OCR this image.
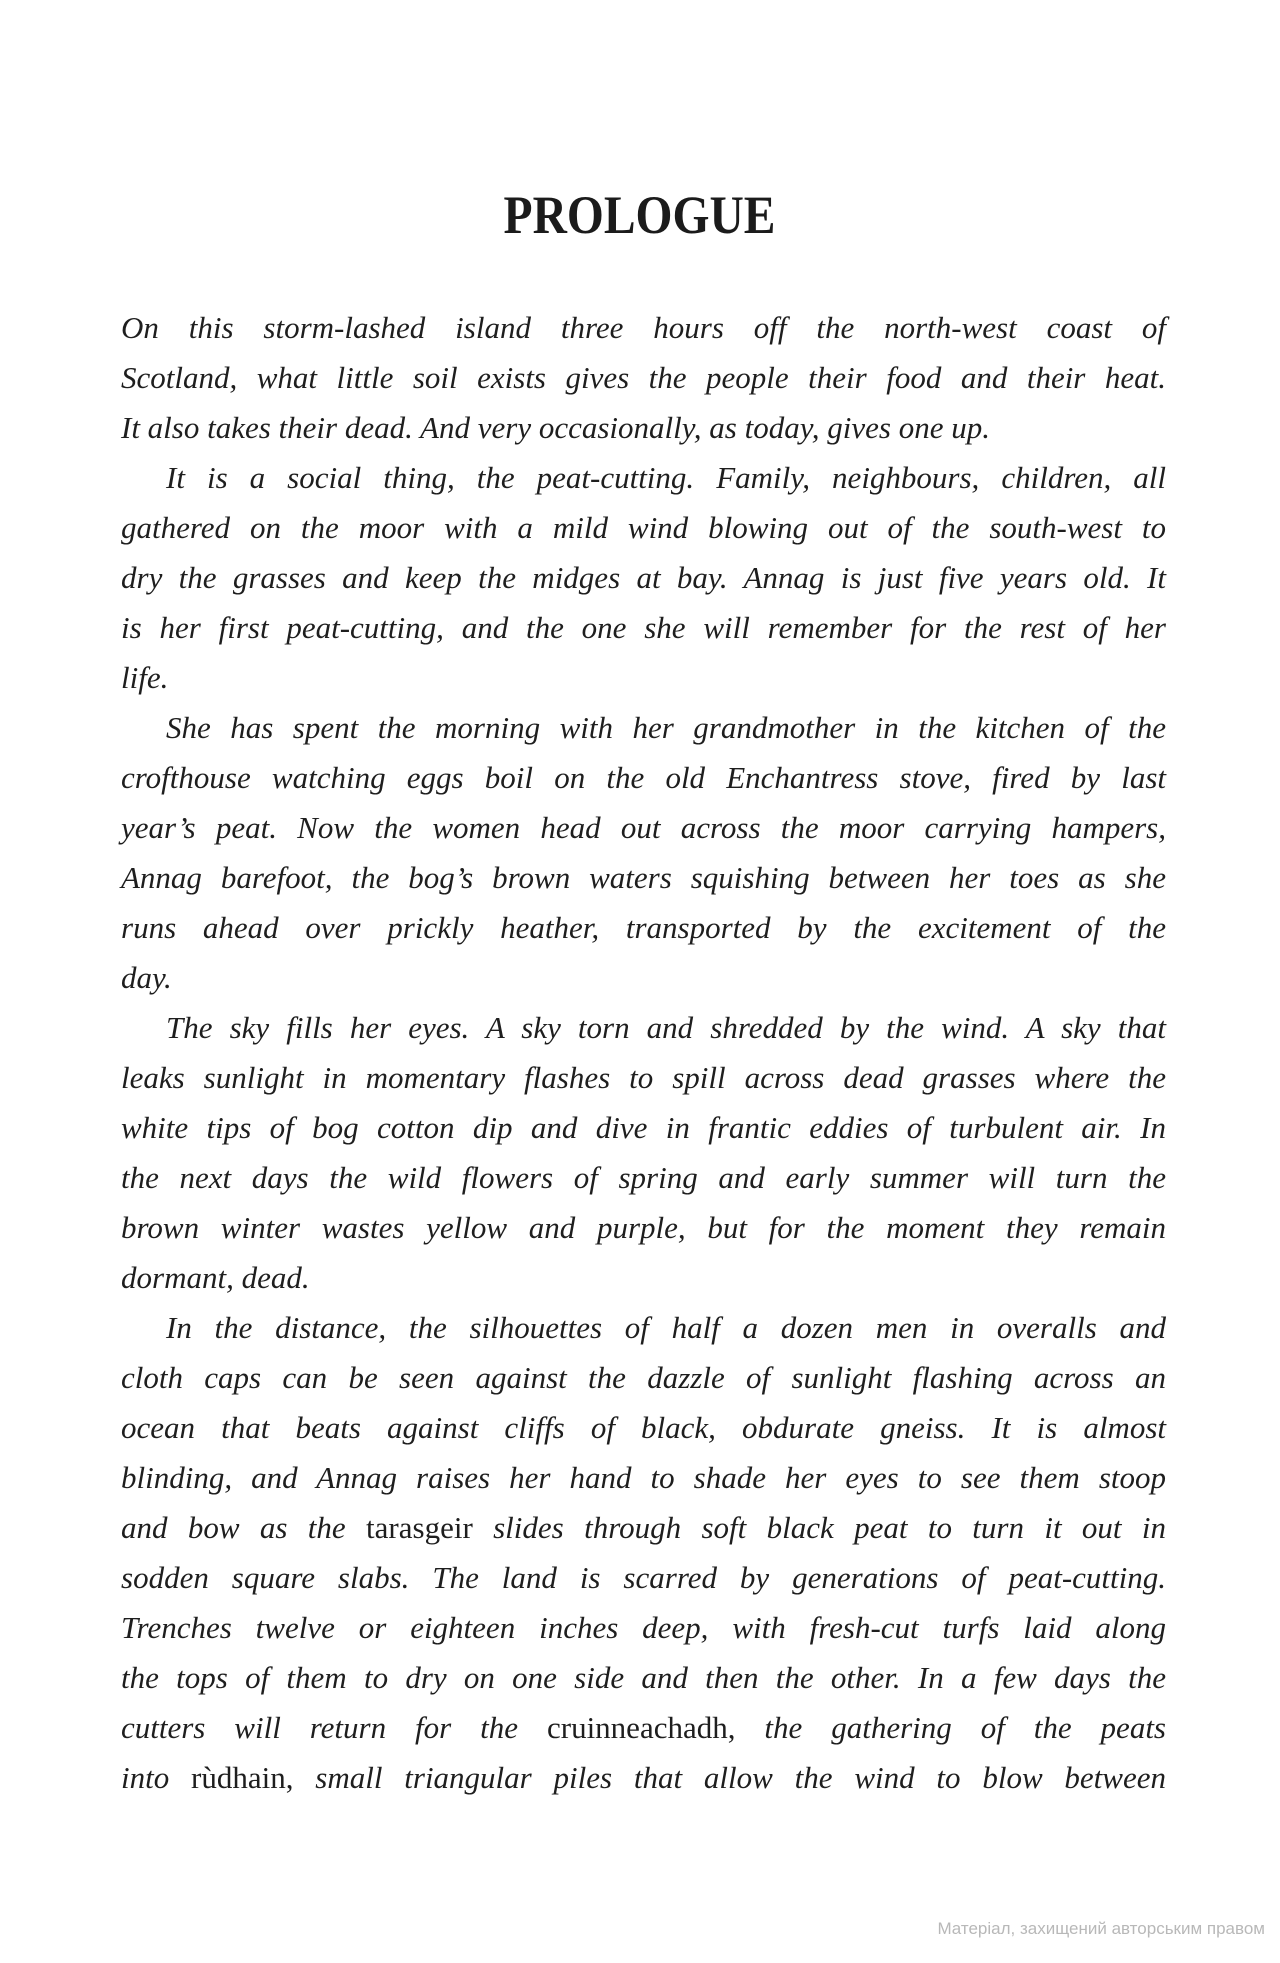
PROLOGUE
On this storm-lashed island three hours off the north-west coast of
Scotland, what little soil exists gives the people their food and their heat.
It also takes their dead. And very occasionally, as today, gives one up.
It is a social thing, the peat-cutting. Family, neighbours, children, all
gathered on the moor with a mild wind blowing out of the south-west to
dry the grasses and keep the midges at bay. Annag is just five years old. It
is her first peat-cutting, and the one she will remember for the rest of her
life.
She has spent the morning with her grandmother in the kitchen of the
crofthouse watching eggs boil on the old Enchantress stove, fired by last
year’s peat. Now the women head out across the moor carrying hampers,
Annag barefoot, the bog’s brown waters squishing between her toes as she
runs ahead over prickly heather, transported by the excitement of the
day.
The sky fills her eyes. A sky torn and shredded by the wind. A sky that
leaks sunlight in momentary flashes to spill across dead grasses where the
white tips of bog cotton dip and dive in frantic eddies of turbulent air. In
the next days the wild flowers of spring and early summer will turn the
brown winter wastes yellow and purple, but for the moment they remain
dormant, dead.
In the distance, the silhouettes of half a dozen men in overalls and
cloth caps can be seen against the dazzle of sunlight flashing across an
ocean that beats against cliffs of black, obdurate gneiss. It is almost
blinding, and Annag raises her hand to shade her eyes to see them stoop
and bow as the tarasgeir slides through soft black peat to turn it out in
sodden square slabs. The land is scarred by generations of peat-cutting.
Trenches twelve or eighteen inches deep, with fresh-cut turfs laid along
the tops of them to dry on one side and then the other. In a few days the
cutters will return for the cruinneachadh, the gathering of the peats
into rùdhain, small triangular piles that allow the wind to blow between
Матеріал, захищений авторським правом
